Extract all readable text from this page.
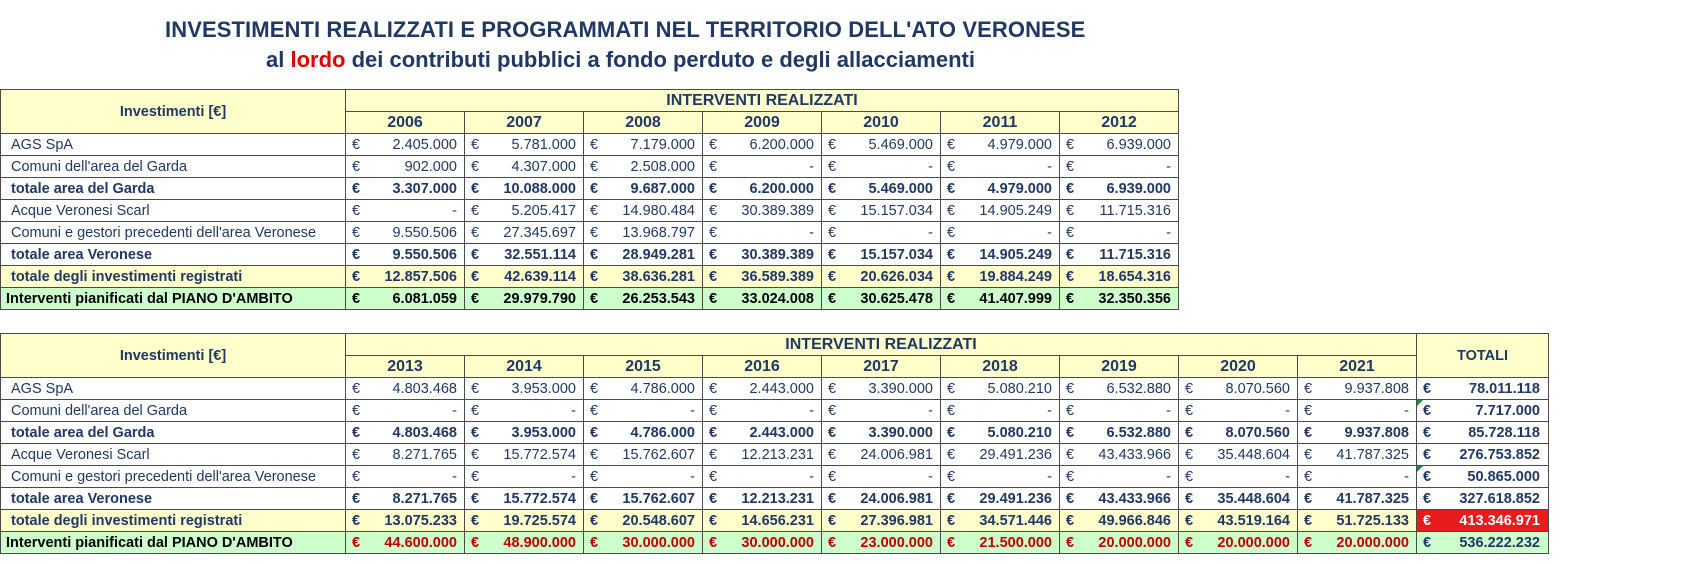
INVESTIMENTI REALIZZATI E PROGRAMMATI NEL TERRITORIO DELL'ATO VERONESE
al lordo dei contributi pubblici a fondo perduto e degli allacciamenti
Investimenti [€]	INTERVENTI REALIZZATI													
	2006		2007		2008		2009		2010		2011		2012	
AGS SpA	€	2.405.000	€	5.781.000	€	7.179.000	€	6.200.000	€	5.469.000	€	4.979.000	€	6.939.000
Comuni dell'area del Garda	€	902.000	€	4.307.000	€	2.508.000	€	-	€	-	€	-	€	-
totale area del Garda	€	3.307.000	€	10.088.000	€	9.687.000	€	6.200.000	€	5.469.000	€	4.979.000	€	6.939.000
Acque Veronesi Scarl	€	-	€	5.205.417	€	14.980.484	€	30.389.389	€	15.157.034	€	14.905.249	€	11.715.316
Comuni e gestori precedenti dell'area Veronese	€	9.550.506	€	27.345.697	€	13.968.797	€	-	€	-	€	-	€	-
totale area Veronese	€	9.550.506	€	32.551.114	€	28.949.281	€	30.389.389	€	15.157.034	€	14.905.249	€	11.715.316
totale degli investimenti registrati	€	12.857.506	€	42.639.114	€	38.636.281	€	36.589.389	€	20.626.034	€	19.884.249	€	18.654.316
Interventi pianificati dal PIANO D'AMBITO	€	6.081.059	€	29.979.790	€	26.253.543	€	33.024.008	€	30.625.478	€	41.407.999	€	32.350.356
Investimenti [€]	INTERVENTI REALIZZATI																		TOTALI	
	2013		2014		2015		2016		2017		2018		2019		2020		2021			
AGS SpA	€	4.803.468	€	3.953.000	€	4.786.000	€	2.443.000	€	3.390.000	€	5.080.210	€	6.532.880	€	8.070.560	€	9.937.808	€	78.011.118
Comuni dell'area del Garda	€	-	€	-	€	-	€	-	€	-	€	-	€	-	€	-	€	-	€	7.717.000
totale area del Garda	€	4.803.468	€	3.953.000	€	4.786.000	€	2.443.000	€	3.390.000	€	5.080.210	€	6.532.880	€	8.070.560	€	9.937.808	€	85.728.118
Acque Veronesi Scarl	€	8.271.765	€	15.772.574	€	15.762.607	€	12.213.231	€	24.006.981	€	29.491.236	€	43.433.966	€	35.448.604	€	41.787.325	€	276.753.852
Comuni e gestori precedenti dell'area Veronese	€	-	€	-	€	-	€	-	€	-	€	-	€	-	€	-	€	-	€	50.865.000
totale area Veronese	€	8.271.765	€	15.772.574	€	15.762.607	€	12.213.231	€	24.006.981	€	29.491.236	€	43.433.966	€	35.448.604	€	41.787.325	€	327.618.852
totale degli investimenti registrati	€	13.075.233	€	19.725.574	€	20.548.607	€	14.656.231	€	27.396.981	€	34.571.446	€	49.966.846	€	43.519.164	€	51.725.133	€	413.346.971
Interventi pianificati dal PIANO D'AMBITO	€	44.600.000	€	48.900.000	€	30.000.000	€	30.000.000	€	23.000.000	€	21.500.000	€	20.000.000	€	20.000.000	€	20.000.000	€	536.222.232
